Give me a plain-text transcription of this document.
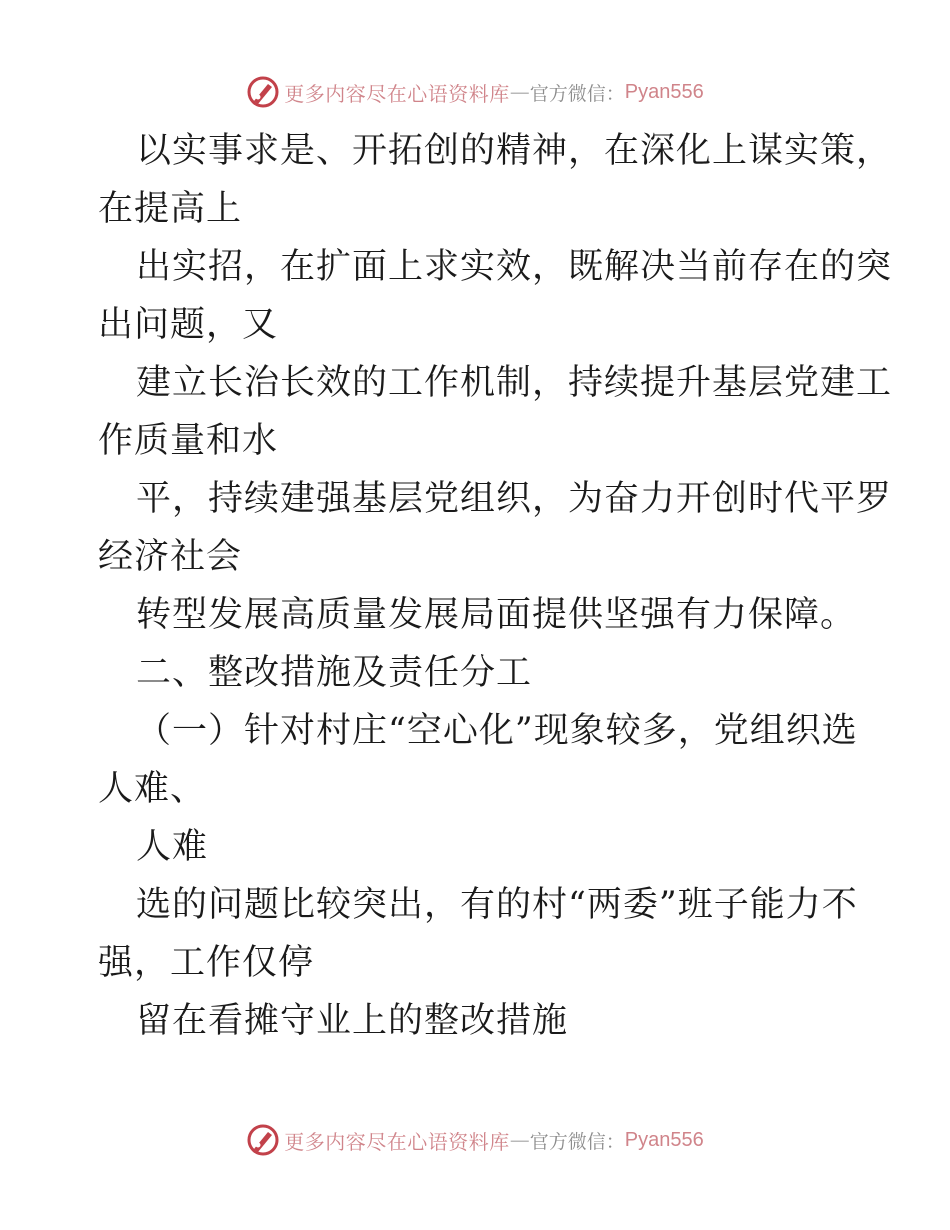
更多内容尽在心语资料库 — 官方微信： Pyan556
以实事求是、开拓创的精神，在深化上谋实策，
在提高上
出实招，在扩面上求实效，既解决当前存在的突
出问题，又
建立长治长效的工作机制，持续提升基层党建工
作质量和水
平，持续建强基层党组织，为奋力开创时代平罗
经济社会
转型发展高质量发展局面提供坚强有力保障。
二、整改措施及责任分工
（一）针对村庄“空心化”现象较多，党组织选
人难、
人难
选的问题比较突出，有的村“两委”班子能力不
强，工作仅停
留在看摊守业上的整改措施
更多内容尽在心语资料库 — 官方微信： Pyan556
